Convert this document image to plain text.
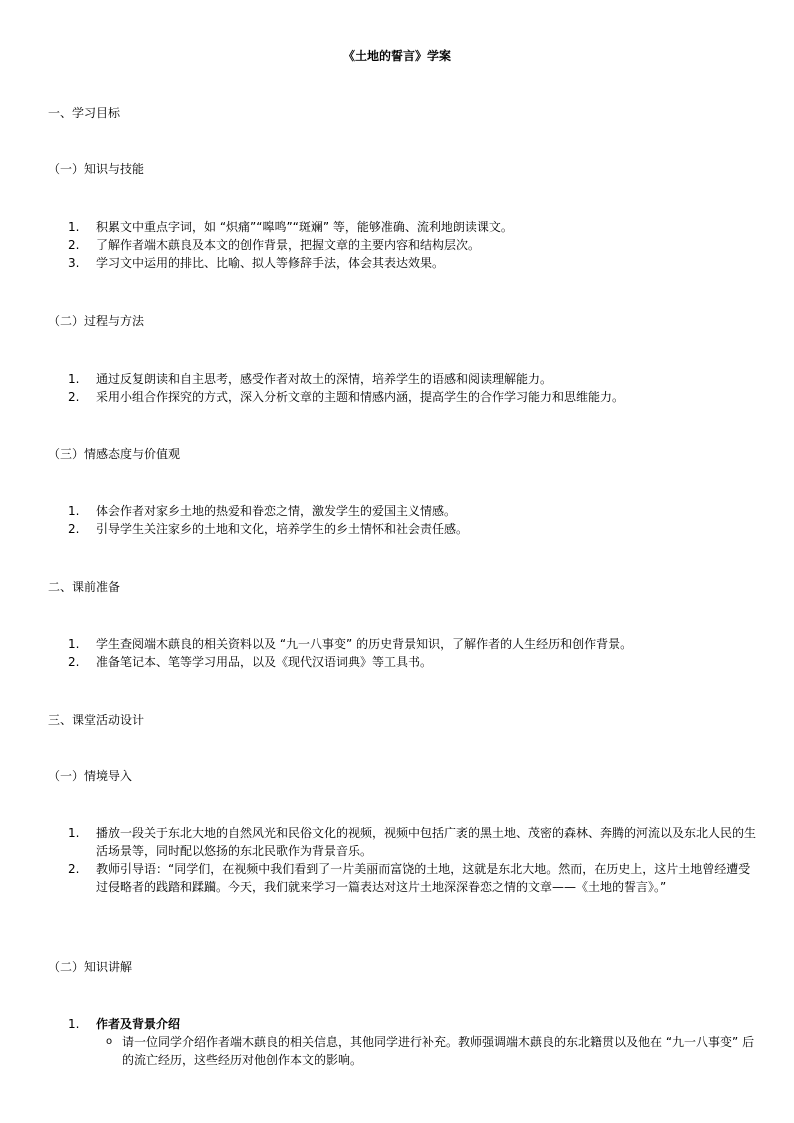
《土地的誓言》学案
一、学习目标
（一）知识与技能
1.	积累文中重点字词，如 “炽痛”“嗥鸣”“斑斓” 等，能够准确、流利地朗读课文。
2.	了解作者端木蕻良及本文的创作背景，把握文章的主要内容和结构层次。
3.	学习文中运用的排比、比喻、拟人等修辞手法，体会其表达效果。
（二）过程与方法
1.	通过反复朗读和自主思考，感受作者对故土的深情，培养学生的语感和阅读理解能力。
2.	采用小组合作探究的方式，深入分析文章的主题和情感内涵，提高学生的合作学习能力和思维能力。
（三）情感态度与价值观
1.	体会作者对家乡土地的热爱和眷恋之情，激发学生的爱国主义情感。
2.	引导学生关注家乡的土地和文化，培养学生的乡土情怀和社会责任感。
二、课前准备
1.	学生查阅端木蕻良的相关资料以及 “九一八事变” 的历史背景知识，了解作者的人生经历和创作背景。
2.	准备笔记本、笔等学习用品，以及《现代汉语词典》等工具书。
三、课堂活动设计
（一）情境导入
1.	播放一段关于东北大地的自然风光和民俗文化的视频，视频中包括广袤的黑土地、茂密的森林、奔腾的河流以及东北人民的生活场景等，同时配以悠扬的东北民歌作为背景音乐。
2.	教师引导语：“同学们，在视频中我们看到了一片美丽而富饶的土地，这就是东北大地。然而，在历史上，这片土地曾经遭受过侵略者的践踏和蹂躏。今天，我们就来学习一篇表达对这片土地深深眷恋之情的文章——《土地的誓言》。”
（二）知识讲解
1.	作者及背景介绍
o 请一位同学介绍作者端木蕻良的相关信息，其他同学进行补充。教师强调端木蕻良的东北籍贯以及他在 “九一八事变” 后的流亡经历，这些经历对他创作本文的影响。
